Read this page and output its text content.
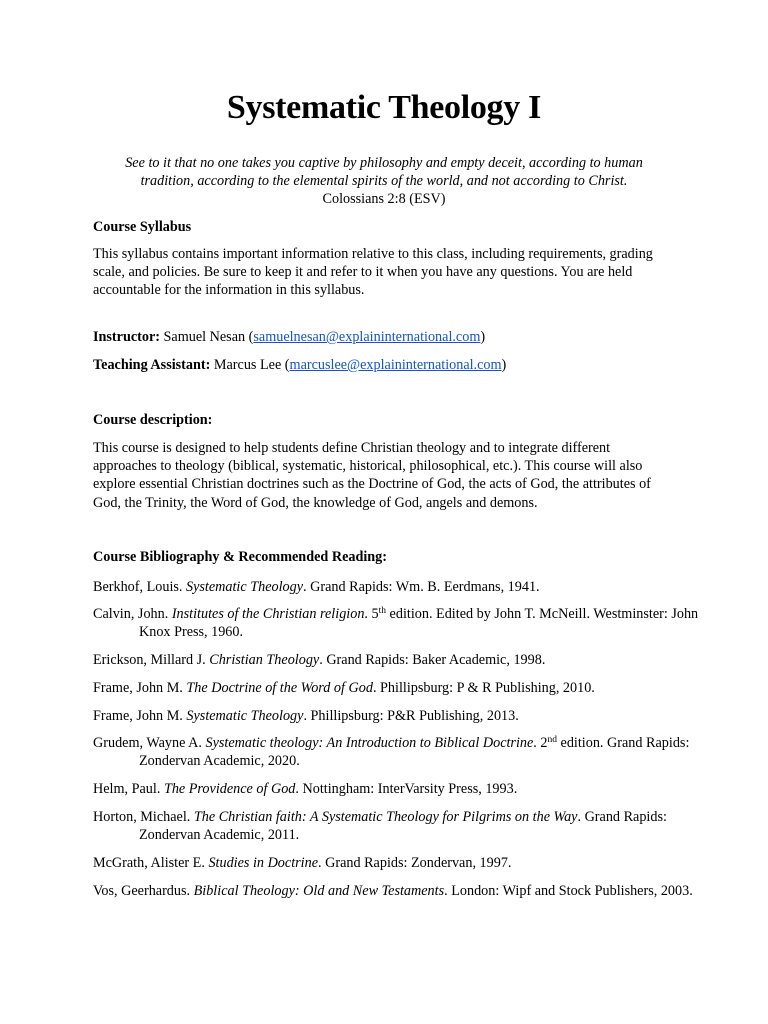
Systematic Theology I
See to it that no one takes you captive by philosophy and empty deceit, according to human
tradition, according to the elemental spirits of the world, and not according to Christ.
Colossians 2:8 (ESV)
Course Syllabus
This syllabus contains important information relative to this class, including requirements, grading scale, and policies. Be sure to keep it and refer to it when you have any questions. You are held accountable for the information in this syllabus.
Instructor: Samuel Nesan (samuelnesan@explaininternational.com)
Teaching Assistant: Marcus Lee (marcuslee@explaininternational.com)
Course description:
This course is designed to help students define Christian theology and to integrate different approaches to theology (biblical, systematic, historical, philosophical, etc.). This course will also explore essential Christian doctrines such as the Doctrine of God, the acts of God, the attributes of God, the Trinity, the Word of God, the knowledge of God, angels and demons.
Course Bibliography & Recommended Reading:
Berkhof, Louis. Systematic Theology. Grand Rapids: Wm. B. Eerdmans, 1941.
Calvin, John. Institutes of the Christian religion. 5th edition. Edited by John T. McNeill. Westminster: John Knox Press, 1960.
Erickson, Millard J. Christian Theology. Grand Rapids: Baker Academic, 1998.
Frame, John M. The Doctrine of the Word of God. Phillipsburg: P & R Publishing, 2010.
Frame, John M. Systematic Theology. Phillipsburg: P&R Publishing, 2013.
Grudem, Wayne A. Systematic theology: An Introduction to Biblical Doctrine. 2nd edition. Grand Rapids: Zondervan Academic, 2020.
Helm, Paul. The Providence of God. Nottingham: InterVarsity Press, 1993.
Horton, Michael. The Christian faith: A Systematic Theology for Pilgrims on the Way. Grand Rapids: Zondervan Academic, 2011.
McGrath, Alister E. Studies in Doctrine. Grand Rapids: Zondervan, 1997.
Vos, Geerhardus. Biblical Theology: Old and New Testaments. London: Wipf and Stock Publishers, 2003.
